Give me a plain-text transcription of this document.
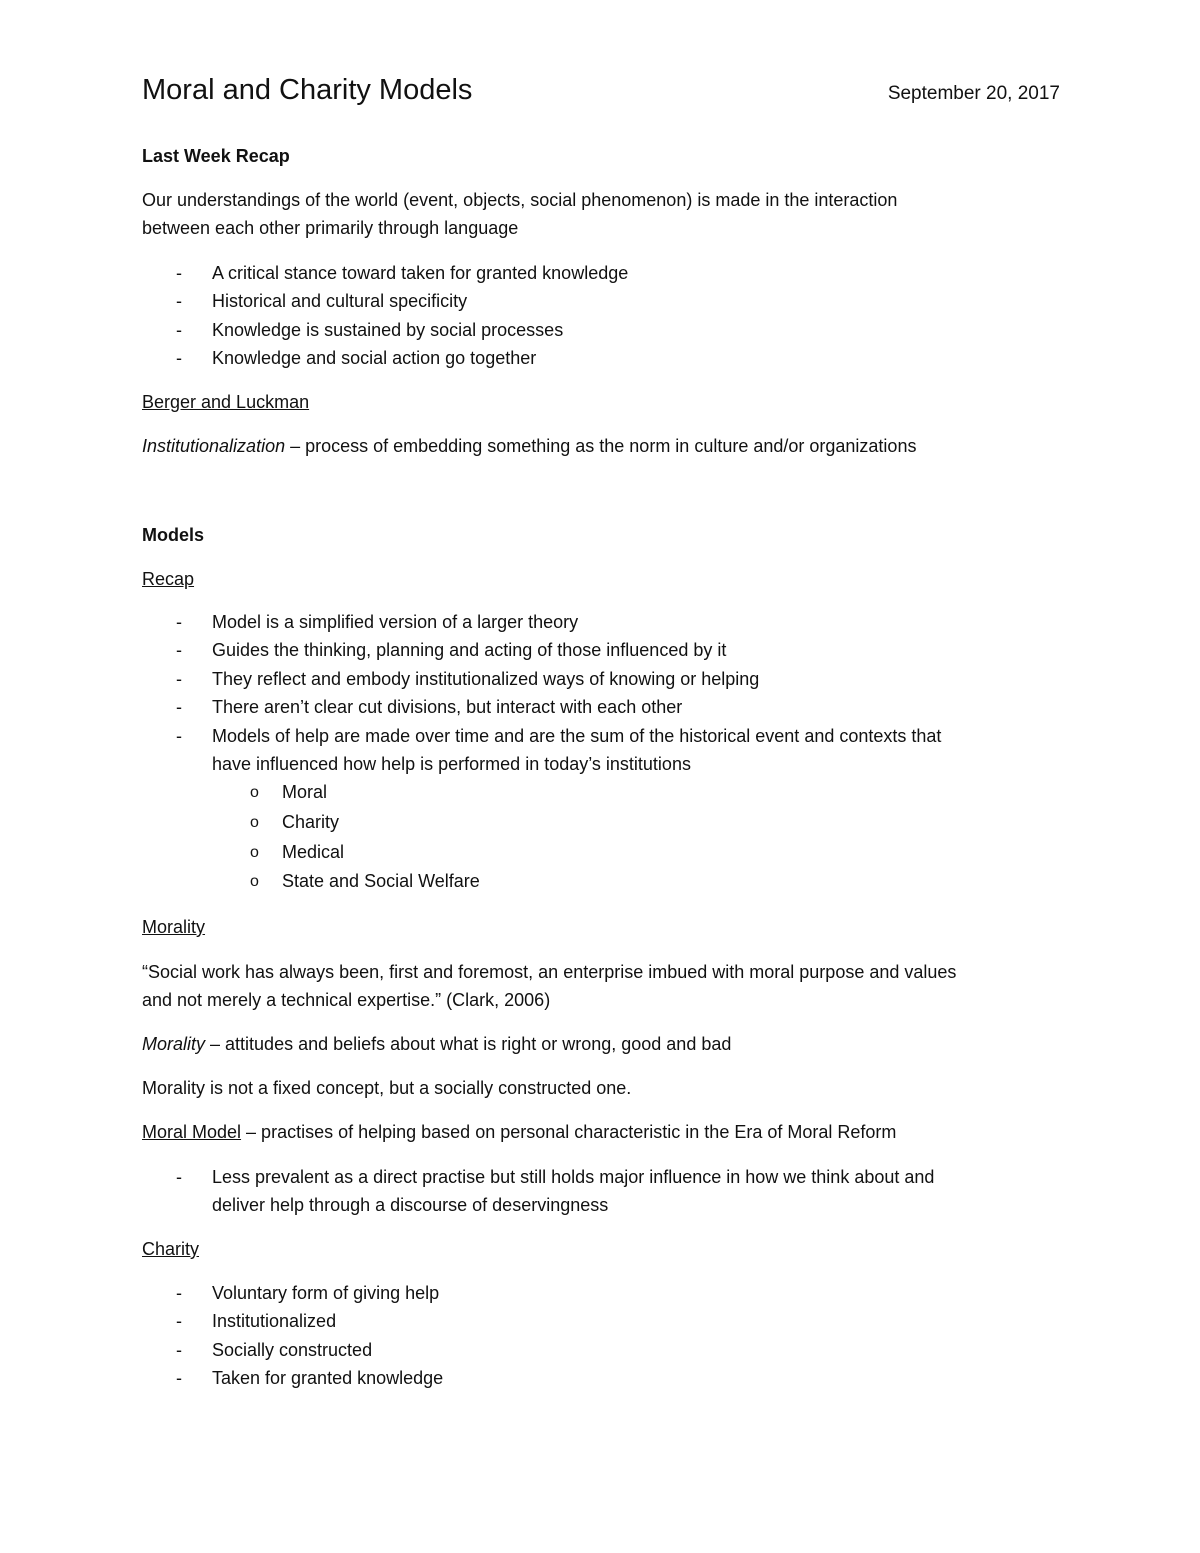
Moral and Charity Models	September 20, 2017

Last Week Recap

Our understandings of the world (event, objects, social phenomenon) is made in the interaction

between each other primarily through language

- A critical stance toward taken for granted knowledge
- Historical and cultural specificity
- Knowledge is sustained by social processes
- Knowledge and social action go together

Berger and Luckman

Institutionalization – process of embedding something as the norm in culture and/or organizations

Models

Recap

- Model is a simplified version of a larger theory
- Guides the thinking, planning and acting of those influenced by it
- They reflect and embody institutionalized ways of knowing or helping
- There aren’t clear cut divisions, but interact with each other
- Models of help are made over time and are the sum of the historical event and contexts that
have influenced how help is performed in today’s institutions
o Moral
o Charity
o Medical
o State and Social Welfare

Morality

“Social work has always been, first and foremost, an enterprise imbued with moral purpose and values

and not merely a technical expertise.” (Clark, 2006)

Morality – attitudes and beliefs about what is right or wrong, good and bad

Morality is not a fixed concept, but a socially constructed one.

Moral Model – practises of helping based on personal characteristic in the Era of Moral Reform

- Less prevalent as a direct practise but still holds major influence in how we think about and
deliver help through a discourse of deservingness

Charity

- Voluntary form of giving help
- Institutionalized
- Socially constructed
- Taken for granted knowledge
